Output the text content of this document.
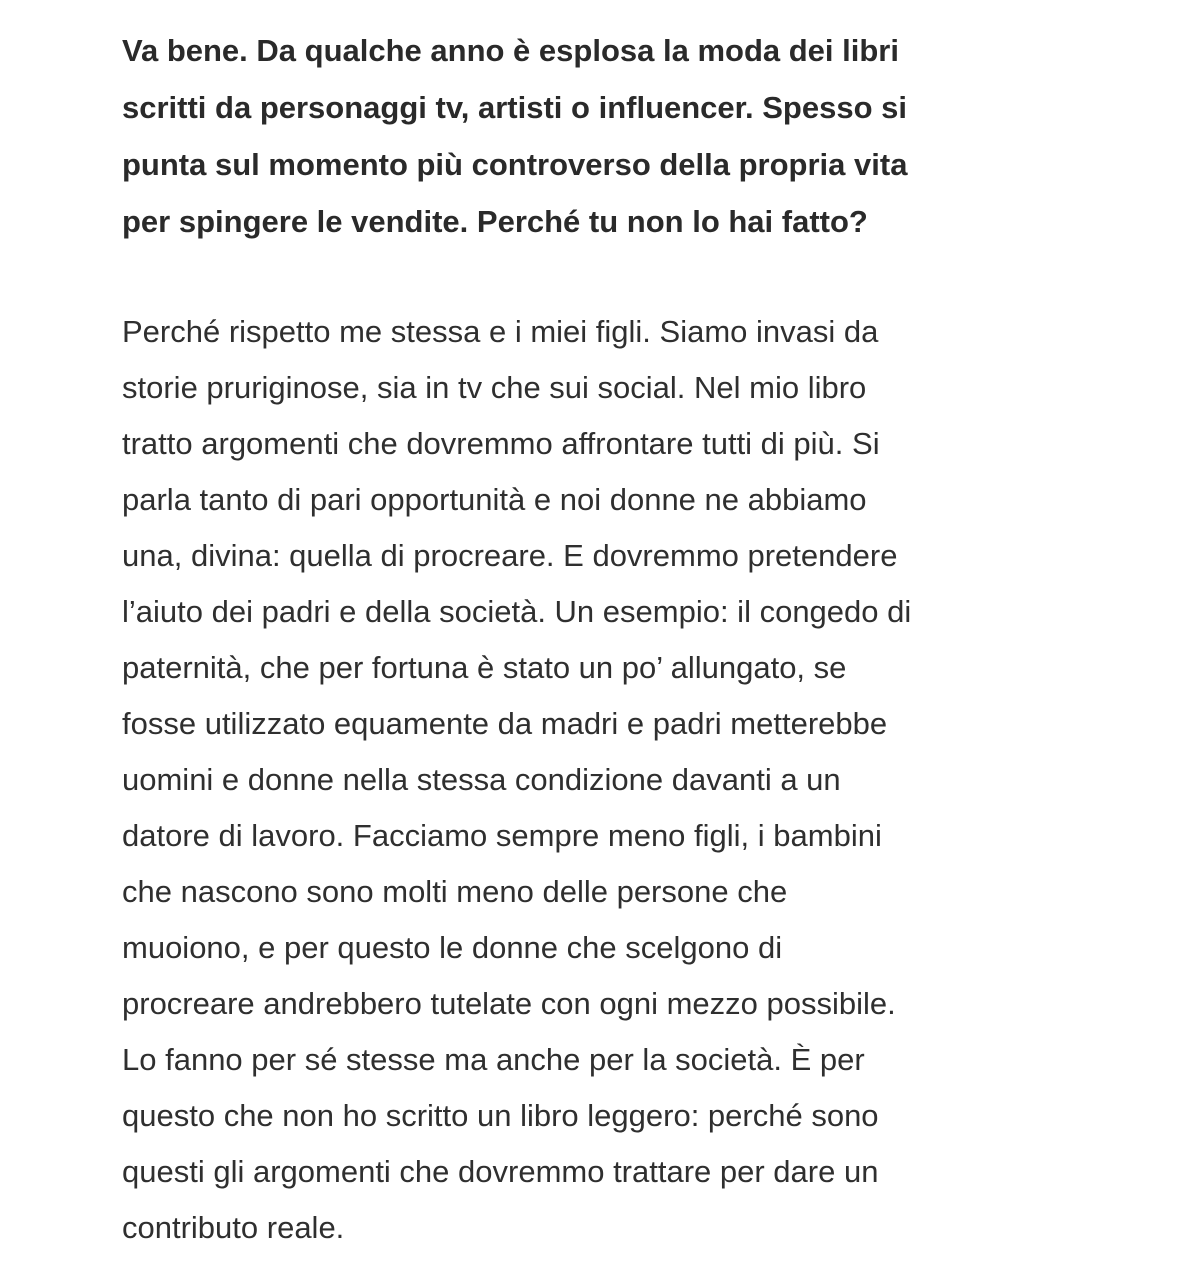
Va bene. Da qualche anno è esplosa la moda dei libri
scritti da personaggi tv, artisti o influencer. Spesso si
punta sul momento più controverso della propria vita
per spingere le vendite. Perché tu non lo hai fatto?

Perché rispetto me stessa e i miei figli. Siamo invasi da
storie pruriginose, sia in tv che sui social. Nel mio libro
tratto argomenti che dovremmo affrontare tutti di più. Si
parla tanto di pari opportunità e noi donne ne abbiamo
una, divina: quella di procreare. E dovremmo pretendere
l’aiuto dei padri e della società. Un esempio: il congedo di
paternità, che per fortuna è stato un po’ allungato, se
fosse utilizzato equamente da madri e padri metterebbe
uomini e donne nella stessa condizione davanti a un
datore di lavoro. Facciamo sempre meno figli, i bambini
che nascono sono molti meno delle persone che
muoiono, e per questo le donne che scelgono di
procreare andrebbero tutelate con ogni mezzo possibile.
Lo fanno per sé stesse ma anche per la società. È per
questo che non ho scritto un libro leggero: perché sono
questi gli argomenti che dovremmo trattare per dare un
contributo reale.
